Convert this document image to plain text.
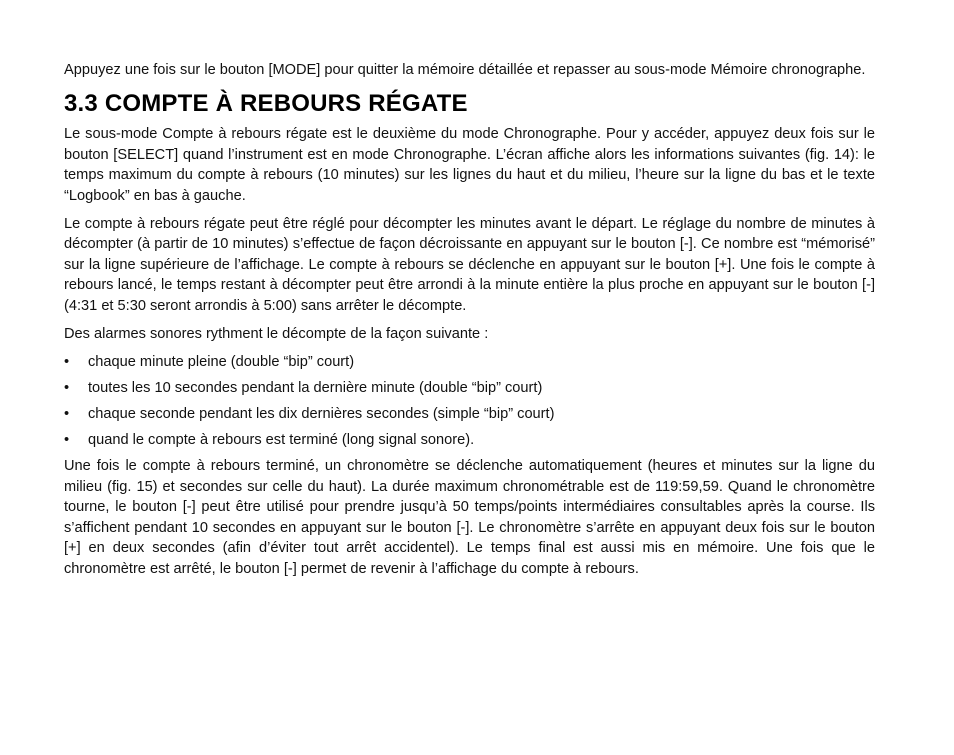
Appuyez une fois sur le bouton [MODE] pour quitter la mémoire détaillée et repasser au sous-mode Mémoire chronographe.

3.3 COMPTE À REBOURS RÉGATE

Le sous-mode Compte à rebours régate est le deuxième du mode Chronographe. Pour y accéder, appuyez deux fois sur le bouton [SELECT] quand l’instrument est en mode Chronographe. L’écran affiche alors les informations suivantes (fig. 14): le temps maximum du compte à rebours (10 minutes) sur les lignes du haut et du milieu, l’heure sur la ligne du bas et le texte “Logbook” en bas à gauche.

Le compte à rebours régate peut être réglé pour décompter les minutes avant le départ. Le réglage du nombre de minutes à décompter (à partir de 10 minutes) s’effectue de façon décroissante en appuyant sur le bouton [-]. Ce nombre est “mémorisé” sur la ligne supérieure de l’affichage. Le compte à rebours se déclenche en appuyant sur le bouton [+]. Une fois le compte à rebours lancé, le temps restant à décompter peut être arrondi à la minute entière la plus proche en appuyant sur le bouton [-] (4:31 et 5:30 seront arrondis à 5:00) sans arrêter le décompte.

Des alarmes sonores rythment le décompte de la façon suivante :

• chaque minute pleine (double “bip” court)
• toutes les 10 secondes pendant la dernière minute (double “bip” court)
• chaque seconde pendant les dix dernières secondes (simple “bip” court)
• quand le compte à rebours est terminé (long signal sonore).

Une fois le compte à rebours terminé, un chronomètre se déclenche automatiquement (heures et minutes sur la ligne du milieu (fig. 15) et secondes sur celle du haut). La durée maximum chronométrable est de 119:59,59. Quand le chronomètre tourne, le bouton [-] peut être utilisé pour prendre jusqu’à 50 temps/points intermédiaires consultables après la course. Ils s’affichent pendant 10 secondes en appuyant sur le bouton [-]. Le chronomètre s’arrête en appuyant deux fois sur le bouton [+] en deux secondes (afin d’éviter tout arrêt accidentel). Le temps final est aussi mis en mémoire. Une fois que le chronomètre est arrêté, le bouton [-] permet de revenir à l’affichage du compte à rebours.
